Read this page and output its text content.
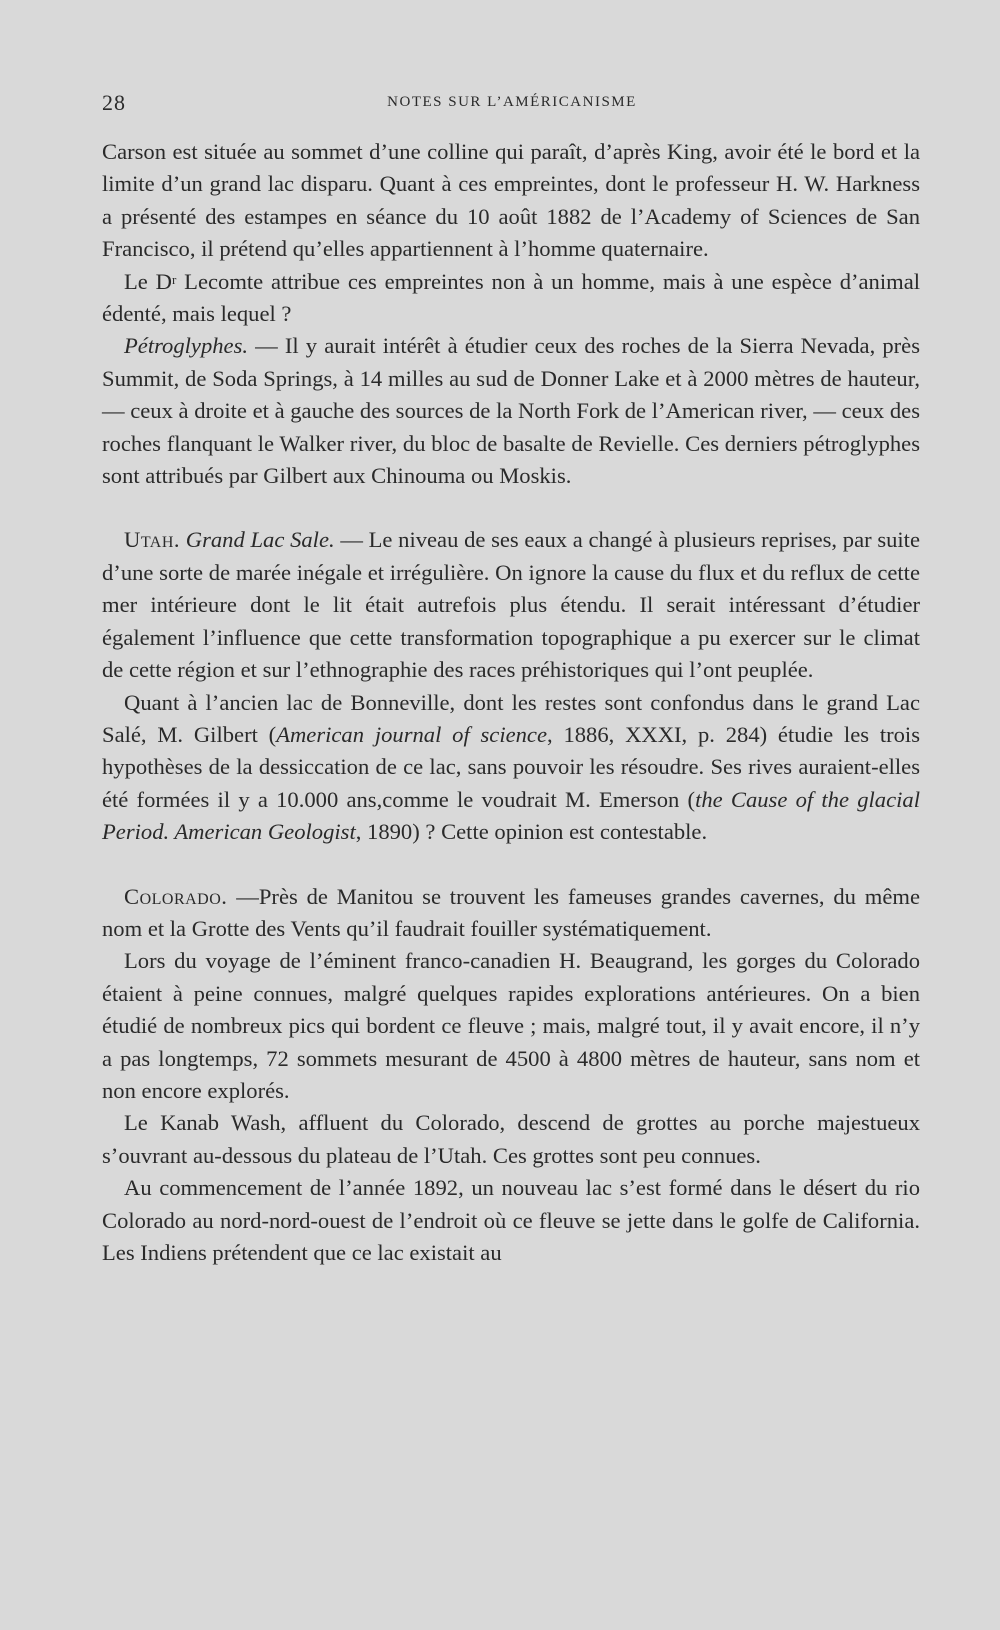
28	NOTES SUR L’AMÉRICANISME

Carson est située au sommet d’une colline qui paraît, d’après King, avoir été le bord et la limite d’un grand lac disparu. Quant à ces empreintes, dont le professeur H. W. Harkness a présenté des estampes en séance du 10 août 1882 de l’Academy of Sciences de San Francisco, il prétend qu’elles appartiennent à l’homme quaternaire.

Le $D^r$ Lecomte attribue ces empreintes non à un homme, mais à une espèce d’animal édenté, mais lequel ?

Pétroglyphes. — Il y aurait intérêt à étudier ceux des roches de la Sierra Nevada, près Summit, de Soda Springs, à 14 milles au sud de Donner Lake et à 2000 mètres de hauteur, — ceux à droite et à gauche des sources de la North Fork de l’American river, — ceux des roches flanquant le Walker river, du bloc de basalte de Revielle. Ces derniers pétroglyphes sont attribués par Gilbert aux Chinouma ou Moskis.

Utah. Grand Lac Sale. — Le niveau de ses eaux a changé à plusieurs reprises, par suite d’une sorte de marée inégale et irrégulière. On ignore la cause du flux et du reflux de cette mer intérieure dont le lit était autrefois plus étendu. Il serait intéressant d’étudier également l’influence que cette transformation topographique a pu exercer sur le climat de cette région et sur l’ethnographie des races préhistoriques qui l’ont peuplée.

Quant à l’ancien lac de Bonneville, dont les restes sont confondus dans le grand Lac Salé, M. Gilbert (American journal of science, 1886, XXXI, p. 284) étudie les trois hypothèses de la dessiccation de ce lac, sans pouvoir les résoudre. Ses rives auraient-elles été formées il y a 10.000 ans,comme le voudrait M. Emerson (the Cause of the glacial Period. American Geologist, 1890) ? Cette opinion est contestable.

Colorado. —Près de Manitou se trouvent les fameuses grandes cavernes, du même nom et la Grotte des Vents qu’il faudrait fouiller systématiquement.

Lors du voyage de l’éminent franco-canadien H. Beaugrand, les gorges du Colorado étaient à peine connues, malgré quelques rapides explorations antérieures. On a bien étudié de nombreux pics qui bordent ce fleuve ; mais, malgré tout, il y avait encore, il n’y a pas longtemps, 72 sommets mesurant de 4500 à 4800 mètres de hauteur, sans nom et non encore explorés.

Le Kanab Wash, affluent du Colorado, descend de grottes au porche majestueux s’ouvrant au-dessous du plateau de l’Utah. Ces grottes sont peu connues.

Au commencement de l’année 1892, un nouveau lac s’est formé dans le désert du rio Colorado au nord-nord-ouest de l’endroit où ce fleuve se jette dans le golfe de California. Les Indiens prétendent que ce lac existait au
